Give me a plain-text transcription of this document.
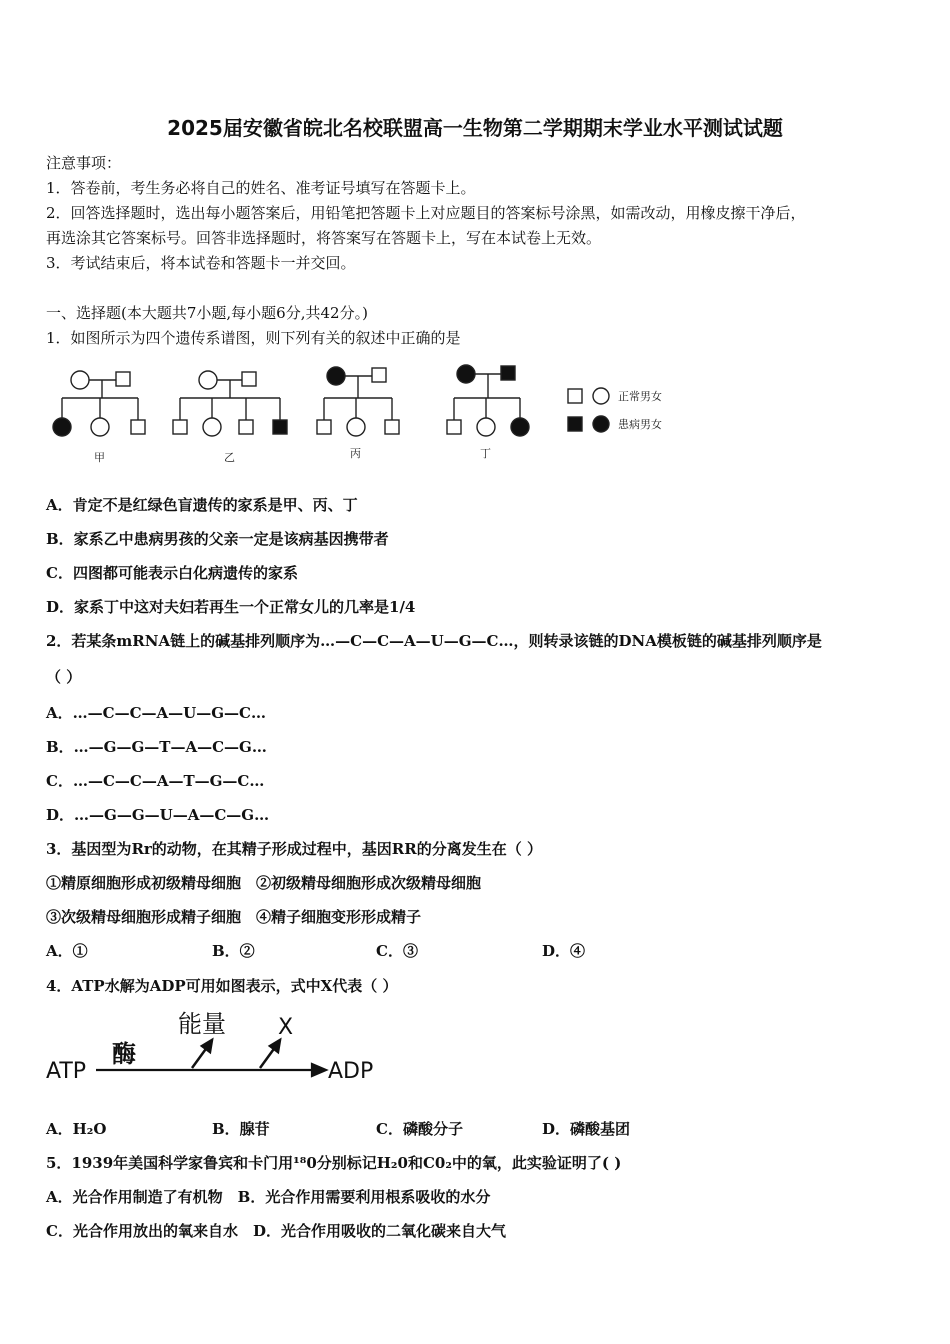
2025届安徽省皖北名校联盟高一生物第二学期期末学业水平测试试题
注意事项：
1．答卷前，考生务必将自己的姓名、准考证号填写在答题卡上。
2．回答选择题时，选出每小题答案后，用铅笔把答题卡上对应题目的答案标号涂黑，如需改动，用橡皮擦干净后，
再选涂其它答案标号。回答非选择题时，将答案写在答题卡上，写在本试卷上无效。
3．考试结束后，将本试卷和答题卡一并交回。
一、选择题(本大题共7小题,每小题6分,共42分。)
1．如图所示为四个遗传系谱图，则下列有关的叙述中正确的是
甲	乙	丙	丁
正常男女
患病男女
A．肯定不是红绿色盲遗传的家系是甲、丙、丁
B．家系乙中患病男孩的父亲一定是该病基因携带者
C．四图都可能表示白化病遗传的家系
D．家系丁中这对夫妇若再生一个正常女儿的几率是1/4
2．若某条mRNA链上的碱基排列顺序为…—C—C—A—U—G—C…，则转录该链的DNA模板链的碱基排列顺序是
（ ）
A．…—C—C—A—U—G—C…
B．…—G—G—T—A—C—G…
C．…—C—C—A—T—G—C…
D．…—G—G—U—A—C—G…
3．基因型为Rr的动物，在其精子形成过程中，基因RR的分离发生在（ ）
①精原细胞形成初级精母细胞　②初级精母细胞形成次级精母细胞
③次级精母细胞形成精子细胞　④精子细胞变形形成精子
A．①	B．②	C．③	D．④
4．ATP水解为ADP可用如图表示，式中X代表（ ）
ATP
酶
能量 X
ADP
A．H₂O	B．腺苷	C．磷酸分子	D．磷酸基团
5．1939年美国科学家鲁宾和卡门用¹⁸0分别标记H₂0和C0₂中的氧，此实验证明了( )
A．光合作用制造了有机物　B．光合作用需要利用根系吸收的水分
C．光合作用放出的氧来自水　D．光合作用吸收的二氧化碳来自大气
